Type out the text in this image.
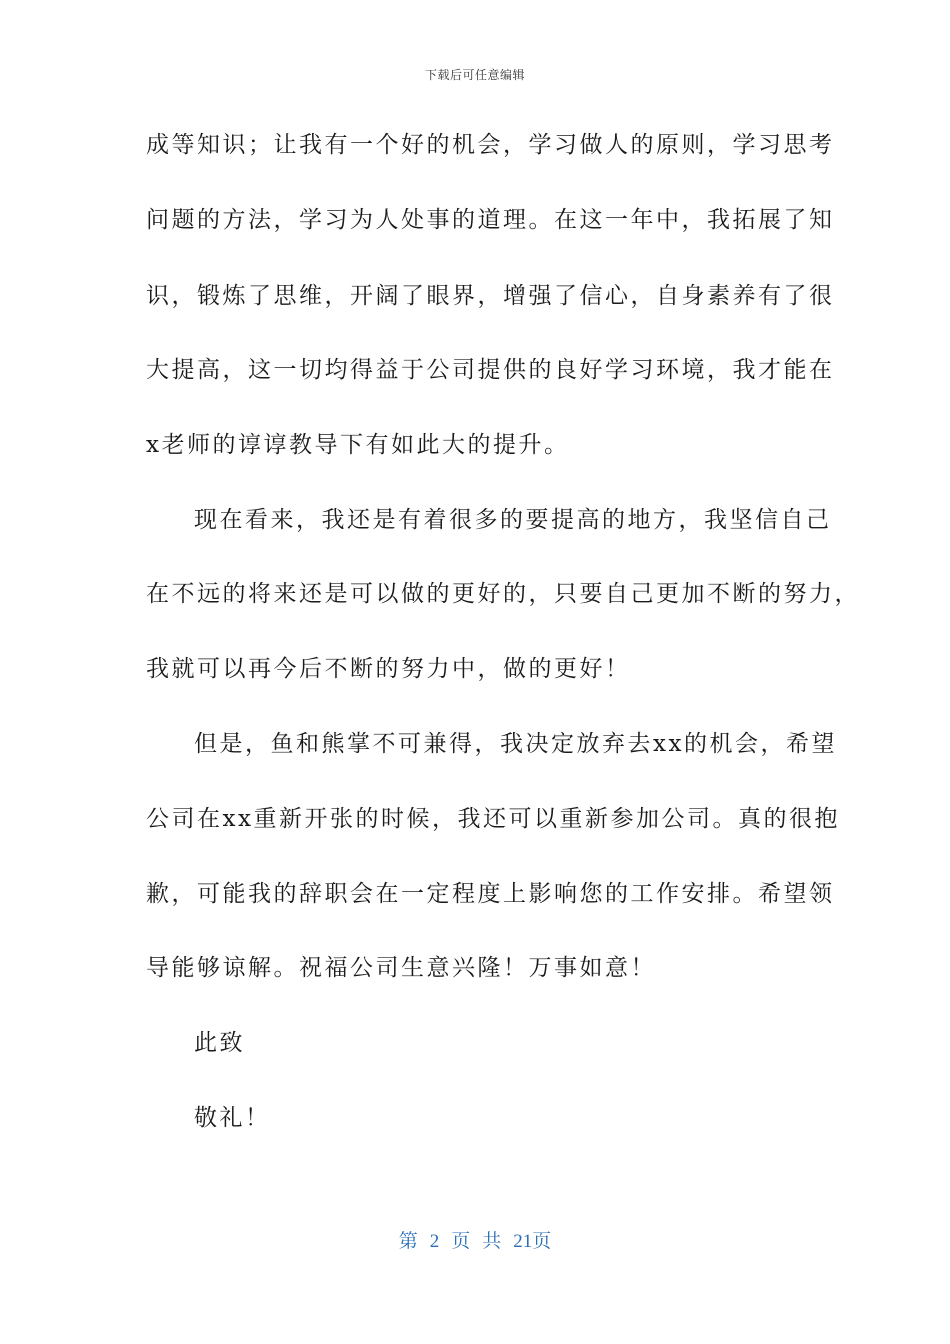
下载后可任意编辑
成等知识；让我有一个好的机会，学习做人的原则，学习思考
问题的方法，学习为人处事的道理。在这一年中，我拓展了知
识，锻炼了思维，开阔了眼界，增强了信心，自身素养有了很
大提高，这一切均得益于公司提供的良好学习环境，我才能在
x老师的谆谆教导下有如此大的提升。
现在看来，我还是有着很多的要提高的地方，我坚信自己
在不远的将来还是可以做的更好的，只要自己更加不断的努力，
我就可以再今后不断的努力中，做的更好！
但是，鱼和熊掌不可兼得，我决定放弃去xx的机会，希望
公司在xx重新开张的时候，我还可以重新参加公司。真的很抱
歉，可能我的辞职会在一定程度上影响您的工作安排。希望领
导能够谅解。祝福公司生意兴隆！万事如意！
此致
敬礼！
第 2 页 共 21页
